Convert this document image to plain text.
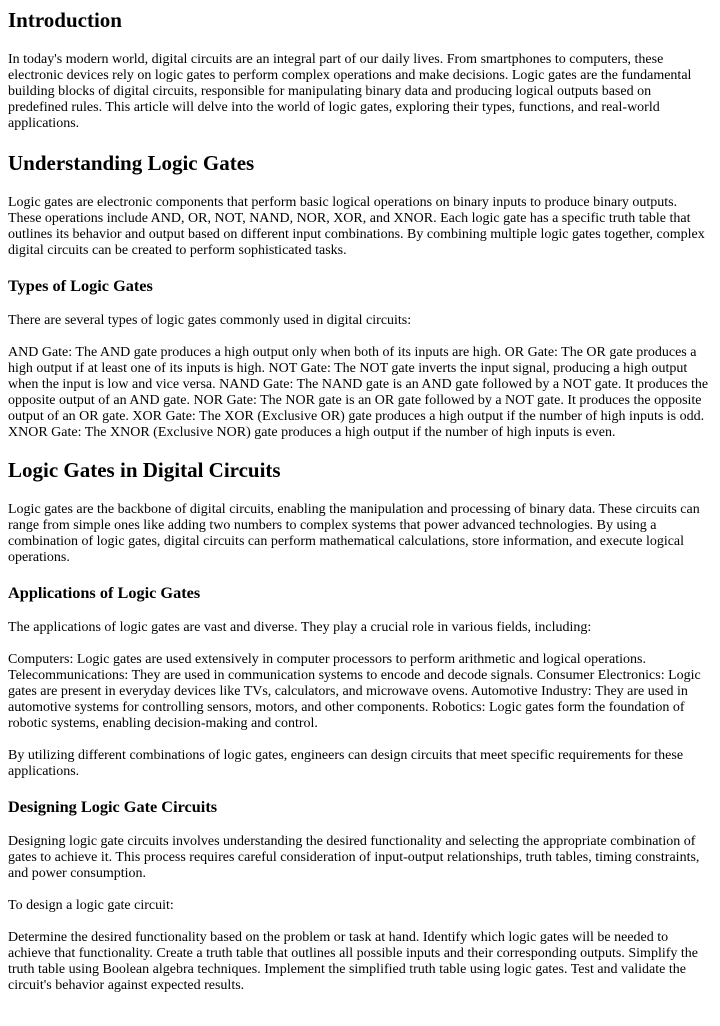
Introduction

In today's modern world, digital circuits are an integral part of our daily lives. From smartphones to computers, these electronic devices rely on logic gates to perform complex operations and make decisions. Logic gates are the fundamental building blocks of digital circuits, responsible for manipulating binary data and producing logical outputs based on predefined rules. This article will delve into the world of logic gates, exploring their types, functions, and real-world applications.

Understanding Logic Gates

Logic gates are electronic components that perform basic logical operations on binary inputs to produce binary outputs. These operations include AND, OR, NOT, NAND, NOR, XOR, and XNOR. Each logic gate has a specific truth table that outlines its behavior and output based on different input combinations. By combining multiple logic gates together, complex digital circuits can be created to perform sophisticated tasks.

Types of Logic Gates

There are several types of logic gates commonly used in digital circuits:

AND Gate: The AND gate produces a high output only when both of its inputs are high. OR Gate: The OR gate produces a high output if at least one of its inputs is high. NOT Gate: The NOT gate inverts the input signal, producing a high output when the input is low and vice versa. NAND Gate: The NAND gate is an AND gate followed by a NOT gate. It produces the opposite output of an AND gate. NOR Gate: The NOR gate is an OR gate followed by a NOT gate. It produces the opposite output of an OR gate. XOR Gate: The XOR (Exclusive OR) gate produces a high output if the number of high inputs is odd. XNOR Gate: The XNOR (Exclusive NOR) gate produces a high output if the number of high inputs is even.

Logic Gates in Digital Circuits

Logic gates are the backbone of digital circuits, enabling the manipulation and processing of binary data. These circuits can range from simple ones like adding two numbers to complex systems that power advanced technologies. By using a combination of logic gates, digital circuits can perform mathematical calculations, store information, and execute logical operations.

Applications of Logic Gates

The applications of logic gates are vast and diverse. They play a crucial role in various fields, including:

Computers: Logic gates are used extensively in computer processors to perform arithmetic and logical operations. Telecommunications: They are used in communication systems to encode and decode signals. Consumer Electronics: Logic gates are present in everyday devices like TVs, calculators, and microwave ovens. Automotive Industry: They are used in automotive systems for controlling sensors, motors, and other components. Robotics: Logic gates form the foundation of robotic systems, enabling decision-making and control.

By utilizing different combinations of logic gates, engineers can design circuits that meet specific requirements for these applications.

Designing Logic Gate Circuits

Designing logic gate circuits involves understanding the desired functionality and selecting the appropriate combination of gates to achieve it. This process requires careful consideration of input-output relationships, truth tables, timing constraints, and power consumption.

To design a logic gate circuit:

Determine the desired functionality based on the problem or task at hand. Identify which logic gates will be needed to achieve that functionality. Create a truth table that outlines all possible inputs and their corresponding outputs. Simplify the truth table using Boolean algebra techniques. Implement the simplified truth table using logic gates. Test and validate the circuit's behavior against expected results.
